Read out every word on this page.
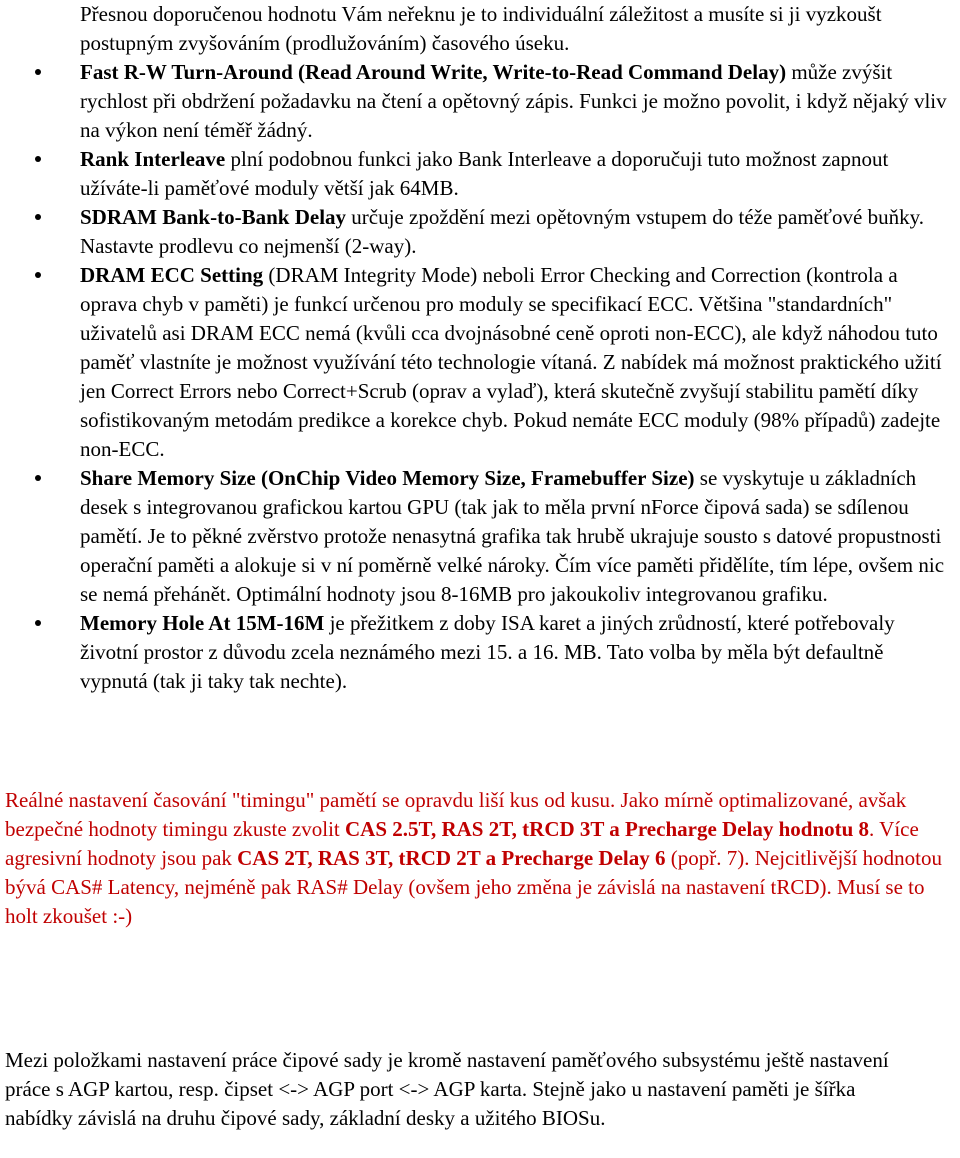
Přesnou doporučenou hodnotu Vám neřeknu je to individuální záležitost a musíte si ji vyzkoušt postupným zvyšováním (prodlužováním) časového úseku.

Fast R-W Turn-Around (Read Around Write, Write-to-Read Command Delay) může zvýšit rychlost při obdržení požadavku na čtení a opětovný zápis. Funkci je možno povolit, i když nějaký vliv na výkon není téměř žádný.
Rank Interleave plní podobnou funkci jako Bank Interleave a doporučuji tuto možnost zapnout užíváte-li paměťové moduly větší jak 64MB.
SDRAM Bank-to-Bank Delay určuje zpoždění mezi opětovným vstupem do téže paměťové buňky. Nastavte prodlevu co nejmenší (2-way).
DRAM ECC Setting (DRAM Integrity Mode) neboli Error Checking and Correction (kontrola a oprava chyb v paměti) je funkcí určenou pro moduly se specifikací ECC. Většina "standardních" uživatelů asi DRAM ECC nemá (kvůli cca dvojnásobné ceně oproti non-ECC), ale když náhodou tuto paměť vlastníte je možnost využívání této technologie vítaná. Z nabídek má možnost praktického užití jen Correct Errors nebo Correct+Scrub (oprav a vylaď), která skutečně zvyšují stabilitu pamětí díky sofistikovaným metodám predikce a korekce chyb. Pokud nemáte ECC moduly (98% případů) zadejte non-ECC.
Share Memory Size (OnChip Video Memory Size, Framebuffer Size) se vyskytuje u základních desek s integrovanou grafickou kartou GPU (tak jak to měla první nForce čipová sada) se sdílenou pamětí. Je to pěkné zvěrstvo protože nenasytná grafika tak hrubě ukrajuje sousto s datové propustnosti operační paměti a alokuje si v ní poměrně velké nároky. Čím více paměti přidělíte, tím lépe, ovšem nic se nemá přehánět. Optimální hodnoty jsou 8-16MB pro jakoukoliv integrovanou grafiku.
Memory Hole At 15M-16M je přežitkem z doby ISA karet a jiných zrůdností, které potřebovaly životní prostor z důvodu zcela neznámého mezi 15. a 16. MB. Tato volba by měla být defaultně vypnutá (tak ji taky tak nechte).

Reálné nastavení časování "timingu" pamětí se opravdu liší kus od kusu. Jako mírně optimalizované, avšak bezpečné hodnoty timingu zkuste zvolit CAS 2.5T, RAS 2T, tRCD 3T a Precharge Delay hodnotu 8. Více agresivní hodnoty jsou pak CAS 2T, RAS 3T, tRCD 2T a Precharge Delay 6 (popř. 7). Nejcitlivější hodnotou bývá CAS# Latency, nejméně pak RAS# Delay (ovšem jeho změna je závislá na nastavení tRCD). Musí se to holt zkoušet :-)

Mezi položkami nastavení práce čipové sady je kromě nastavení paměťového subsystému ještě nastavení práce s AGP kartou, resp. čipset <-> AGP port <-> AGP karta. Stejně jako u nastavení paměti je šířka nabídky závislá na druhu čipové sady, základní desky a užitého BIOSu.
